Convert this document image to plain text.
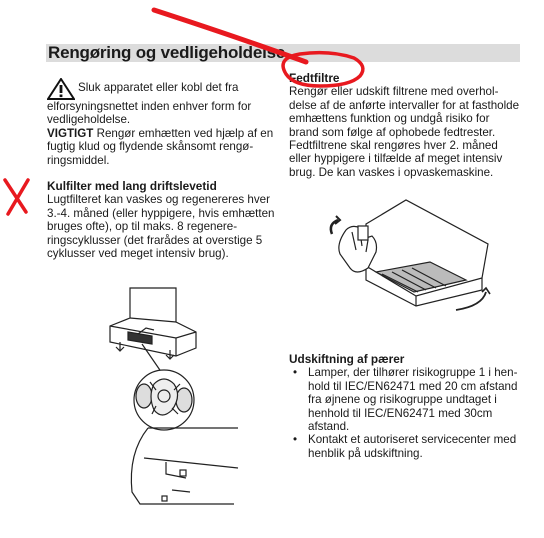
Rengøring og vedligeholdelse
Sluk apparatet eller kobl det fra

elforsyningsnettet inden enhver form for vedligeholdelse.

VIGTIGT Rengør emhætten ved hjælp af en fugtig klud og flydende skånsomt rengøringsmiddel.

Kulfilter med lang driftslevetid

Lugtfilteret kan vaskes og regenereres hver 3.-4. måned (eller hyppigere, hvis emhætten bruges ofte), op til maks. 8 regenereringscyklusser (det frarådes at overstige 5 cyklusser ved meget intensiv brug).

Fedtfiltre

Rengør eller udskift filtrene med overholdelse af de anførte intervaller for at fastholde emhættens funktion og undgå risiko for brand som følge af ophobede fedtrester. Fedtfiltrene skal rengøres hver 2. måned eller hyppigere i tilfælde af meget intensiv brug. De kan vaskes i opvaskemaskine.

Udskiftning af pærer

• Lamper, der tilhører risikogruppe 1 i henhold til IEC/EN62471 med 20 cm afstand fra øjnene og risikogruppe undtaget i henhold til IEC/EN62471 med 30cm afstand.
• Kontakt et autoriseret servicecenter med henblik på udskiftning.
